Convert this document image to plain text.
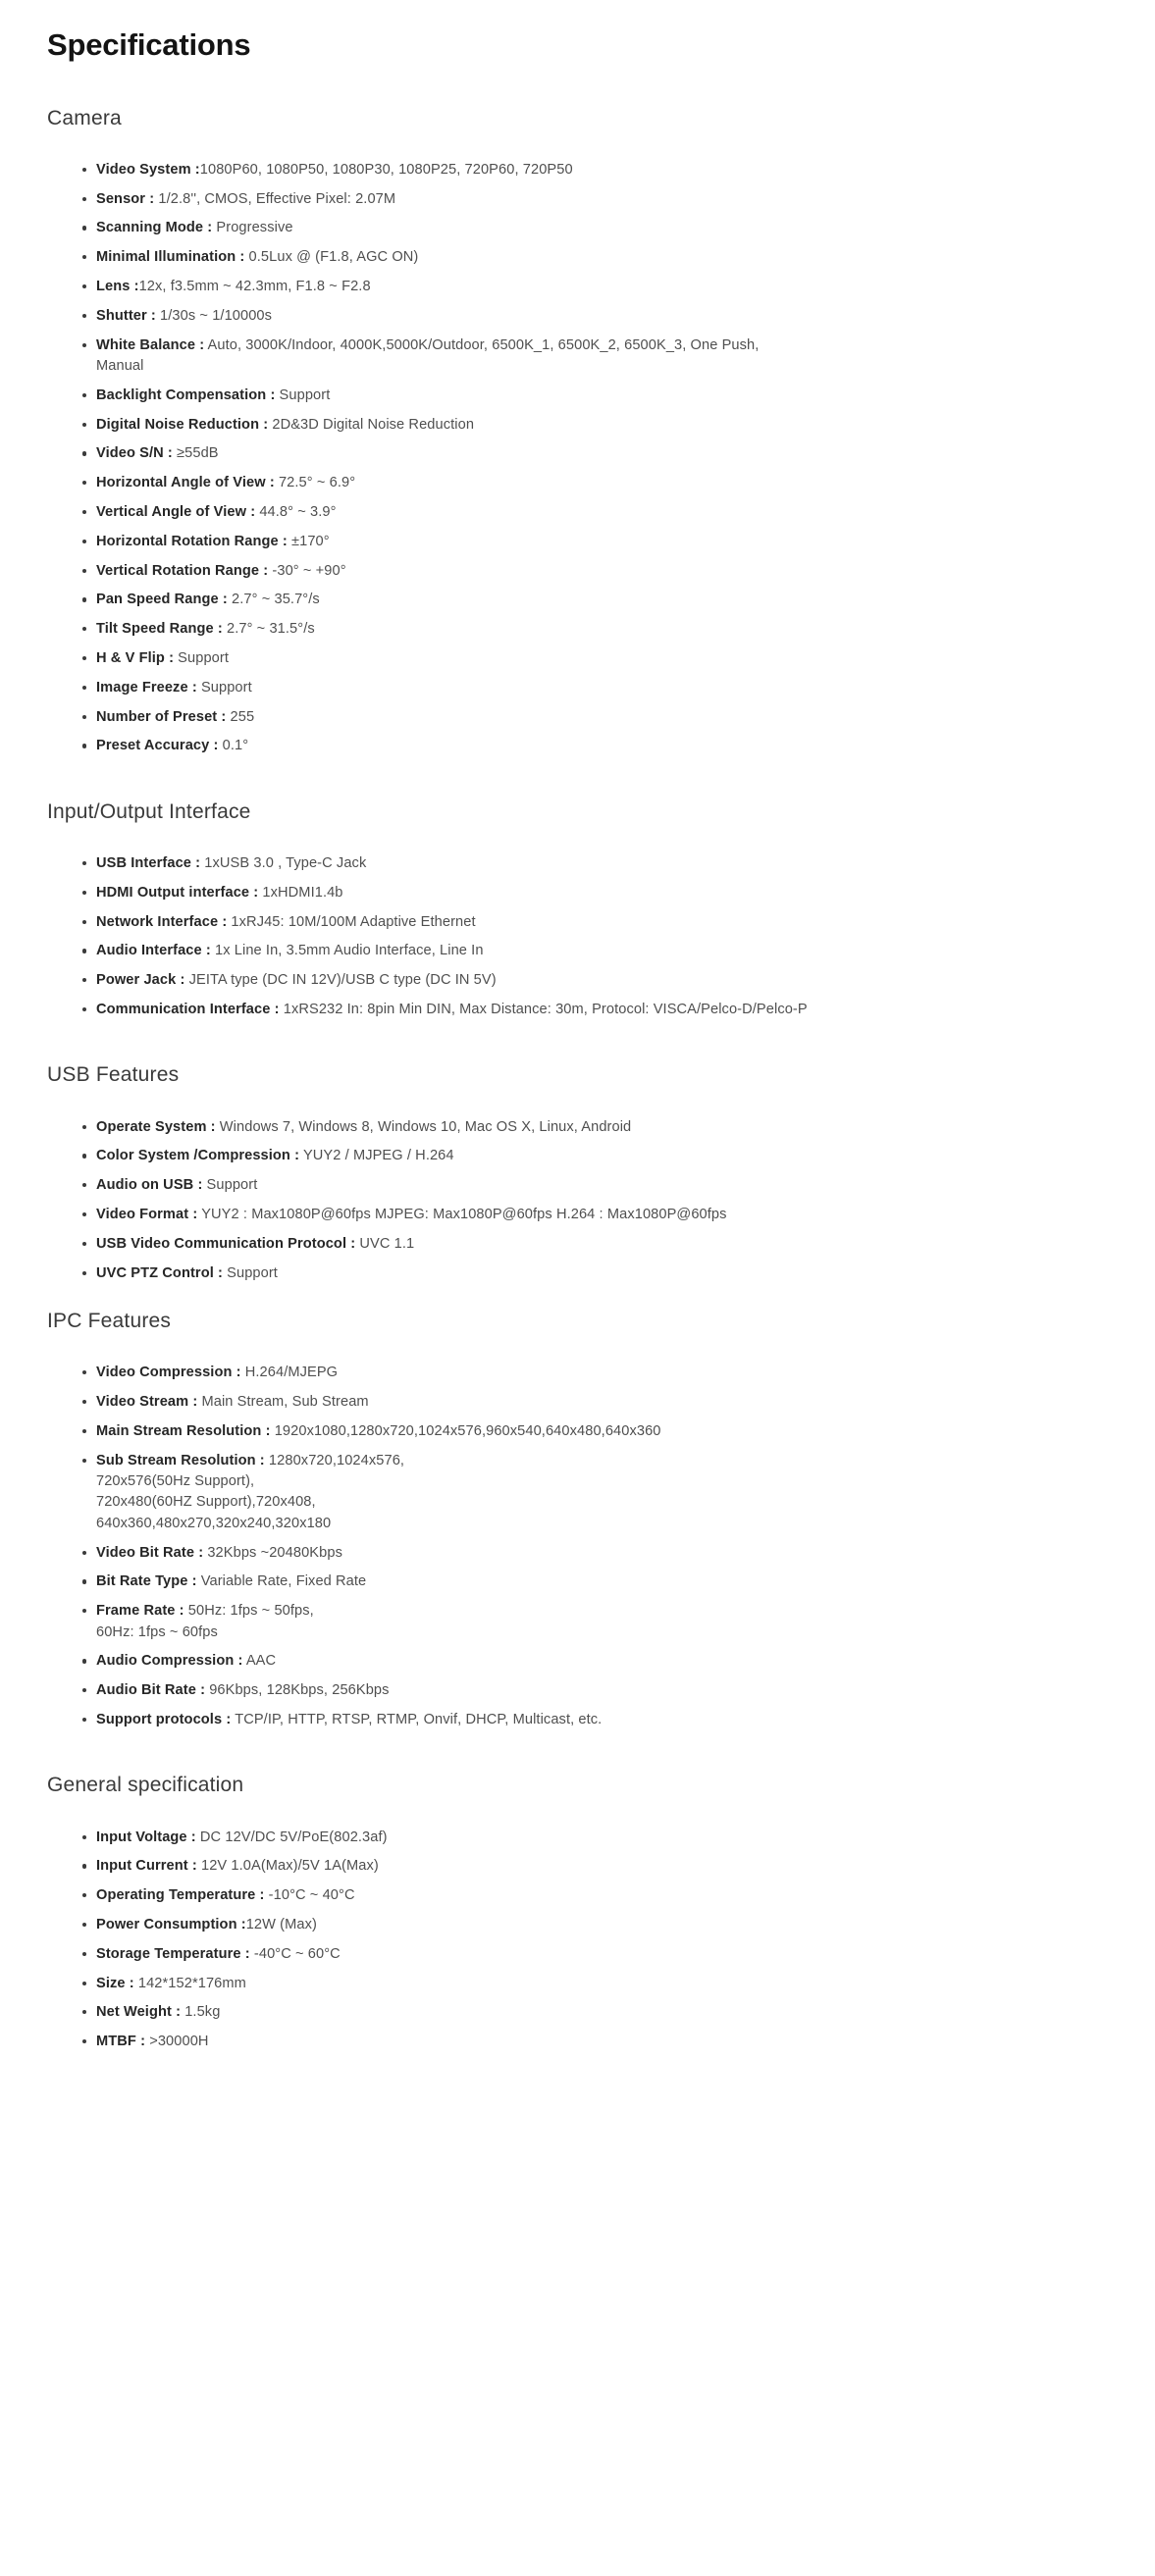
Specifications
Camera
Video System :1080P60, 1080P50, 1080P30, 1080P25, 720P60, 720P50
Sensor : 1/2.8'', CMOS, Effective Pixel: 2.07M
Scanning Mode : Progressive
Minimal Illumination : 0.5Lux @ (F1.8, AGC ON)
Lens :12x, f3.5mm ~ 42.3mm, F1.8 ~ F2.8
Shutter : 1/30s ~ 1/10000s
White Balance : Auto, 3000K/Indoor, 4000K,5000K/Outdoor, 6500K_1, 6500K_2, 6500K_3, One Push,
Manual
Backlight Compensation : Support
Digital Noise Reduction : 2D&3D Digital Noise Reduction
Video S/N : ≥55dB
Horizontal Angle of View : 72.5° ~ 6.9°
Vertical Angle of View : 44.8° ~ 3.9°
Horizontal Rotation Range : ±170°
Vertical Rotation Range : -30° ~ +90°
Pan Speed Range : 2.7° ~ 35.7°/s
Tilt Speed Range : 2.7° ~ 31.5°/s
H & V Flip : Support
Image Freeze : Support
Number of Preset : 255
Preset Accuracy : 0.1°
Input/Output Interface
USB Interface : 1xUSB 3.0 , Type-C Jack
HDMI Output interface : 1xHDMI1.4b
Network Interface : 1xRJ45: 10M/100M Adaptive Ethernet
Audio Interface : 1x Line In, 3.5mm Audio Interface, Line In
Power Jack : JEITA type (DC IN 12V)/USB C type (DC IN 5V)
Communication Interface : 1xRS232 In: 8pin Min DIN, Max Distance: 30m, Protocol: VISCA/Pelco-D/Pelco-P
USB Features
Operate System : Windows 7, Windows 8, Windows 10, Mac OS X, Linux, Android
Color System /Compression : YUY2 / MJPEG / H.264
Audio on USB : Support
Video Format : YUY2 : Max1080P@60fps MJPEG: Max1080P@60fps H.264 : Max1080P@60fps
USB Video Communication Protocol : UVC 1.1
UVC PTZ Control : Support
IPC Features
Video Compression : H.264/MJEPG
Video Stream : Main Stream, Sub Stream
Main Stream Resolution : 1920x1080,1280x720,1024x576,960x540,640x480,640x360
Sub Stream Resolution : 1280x720,1024x576,
720x576(50Hz Support),
720x480(60HZ Support),720x408,
640x360,480x270,320x240,320x180
Video Bit Rate : 32Kbps ~20480Kbps
Bit Rate Type : Variable Rate, Fixed Rate
Frame Rate : 50Hz: 1fps ~ 50fps,
60Hz: 1fps ~ 60fps
Audio Compression : AAC
Audio Bit Rate : 96Kbps, 128Kbps, 256Kbps
Support protocols : TCP/IP, HTTP, RTSP, RTMP, Onvif, DHCP, Multicast, etc.
General specification
Input Voltage : DC 12V/DC 5V/PoE(802.3af)
Input Current : 12V 1.0A(Max)/5V 1A(Max)
Operating Temperature : -10°C ~ 40°C
Power Consumption :12W (Max)
Storage Temperature : -40°C ~ 60°C
Size : 142*152*176mm
Net Weight : 1.5kg
MTBF : >30000H
